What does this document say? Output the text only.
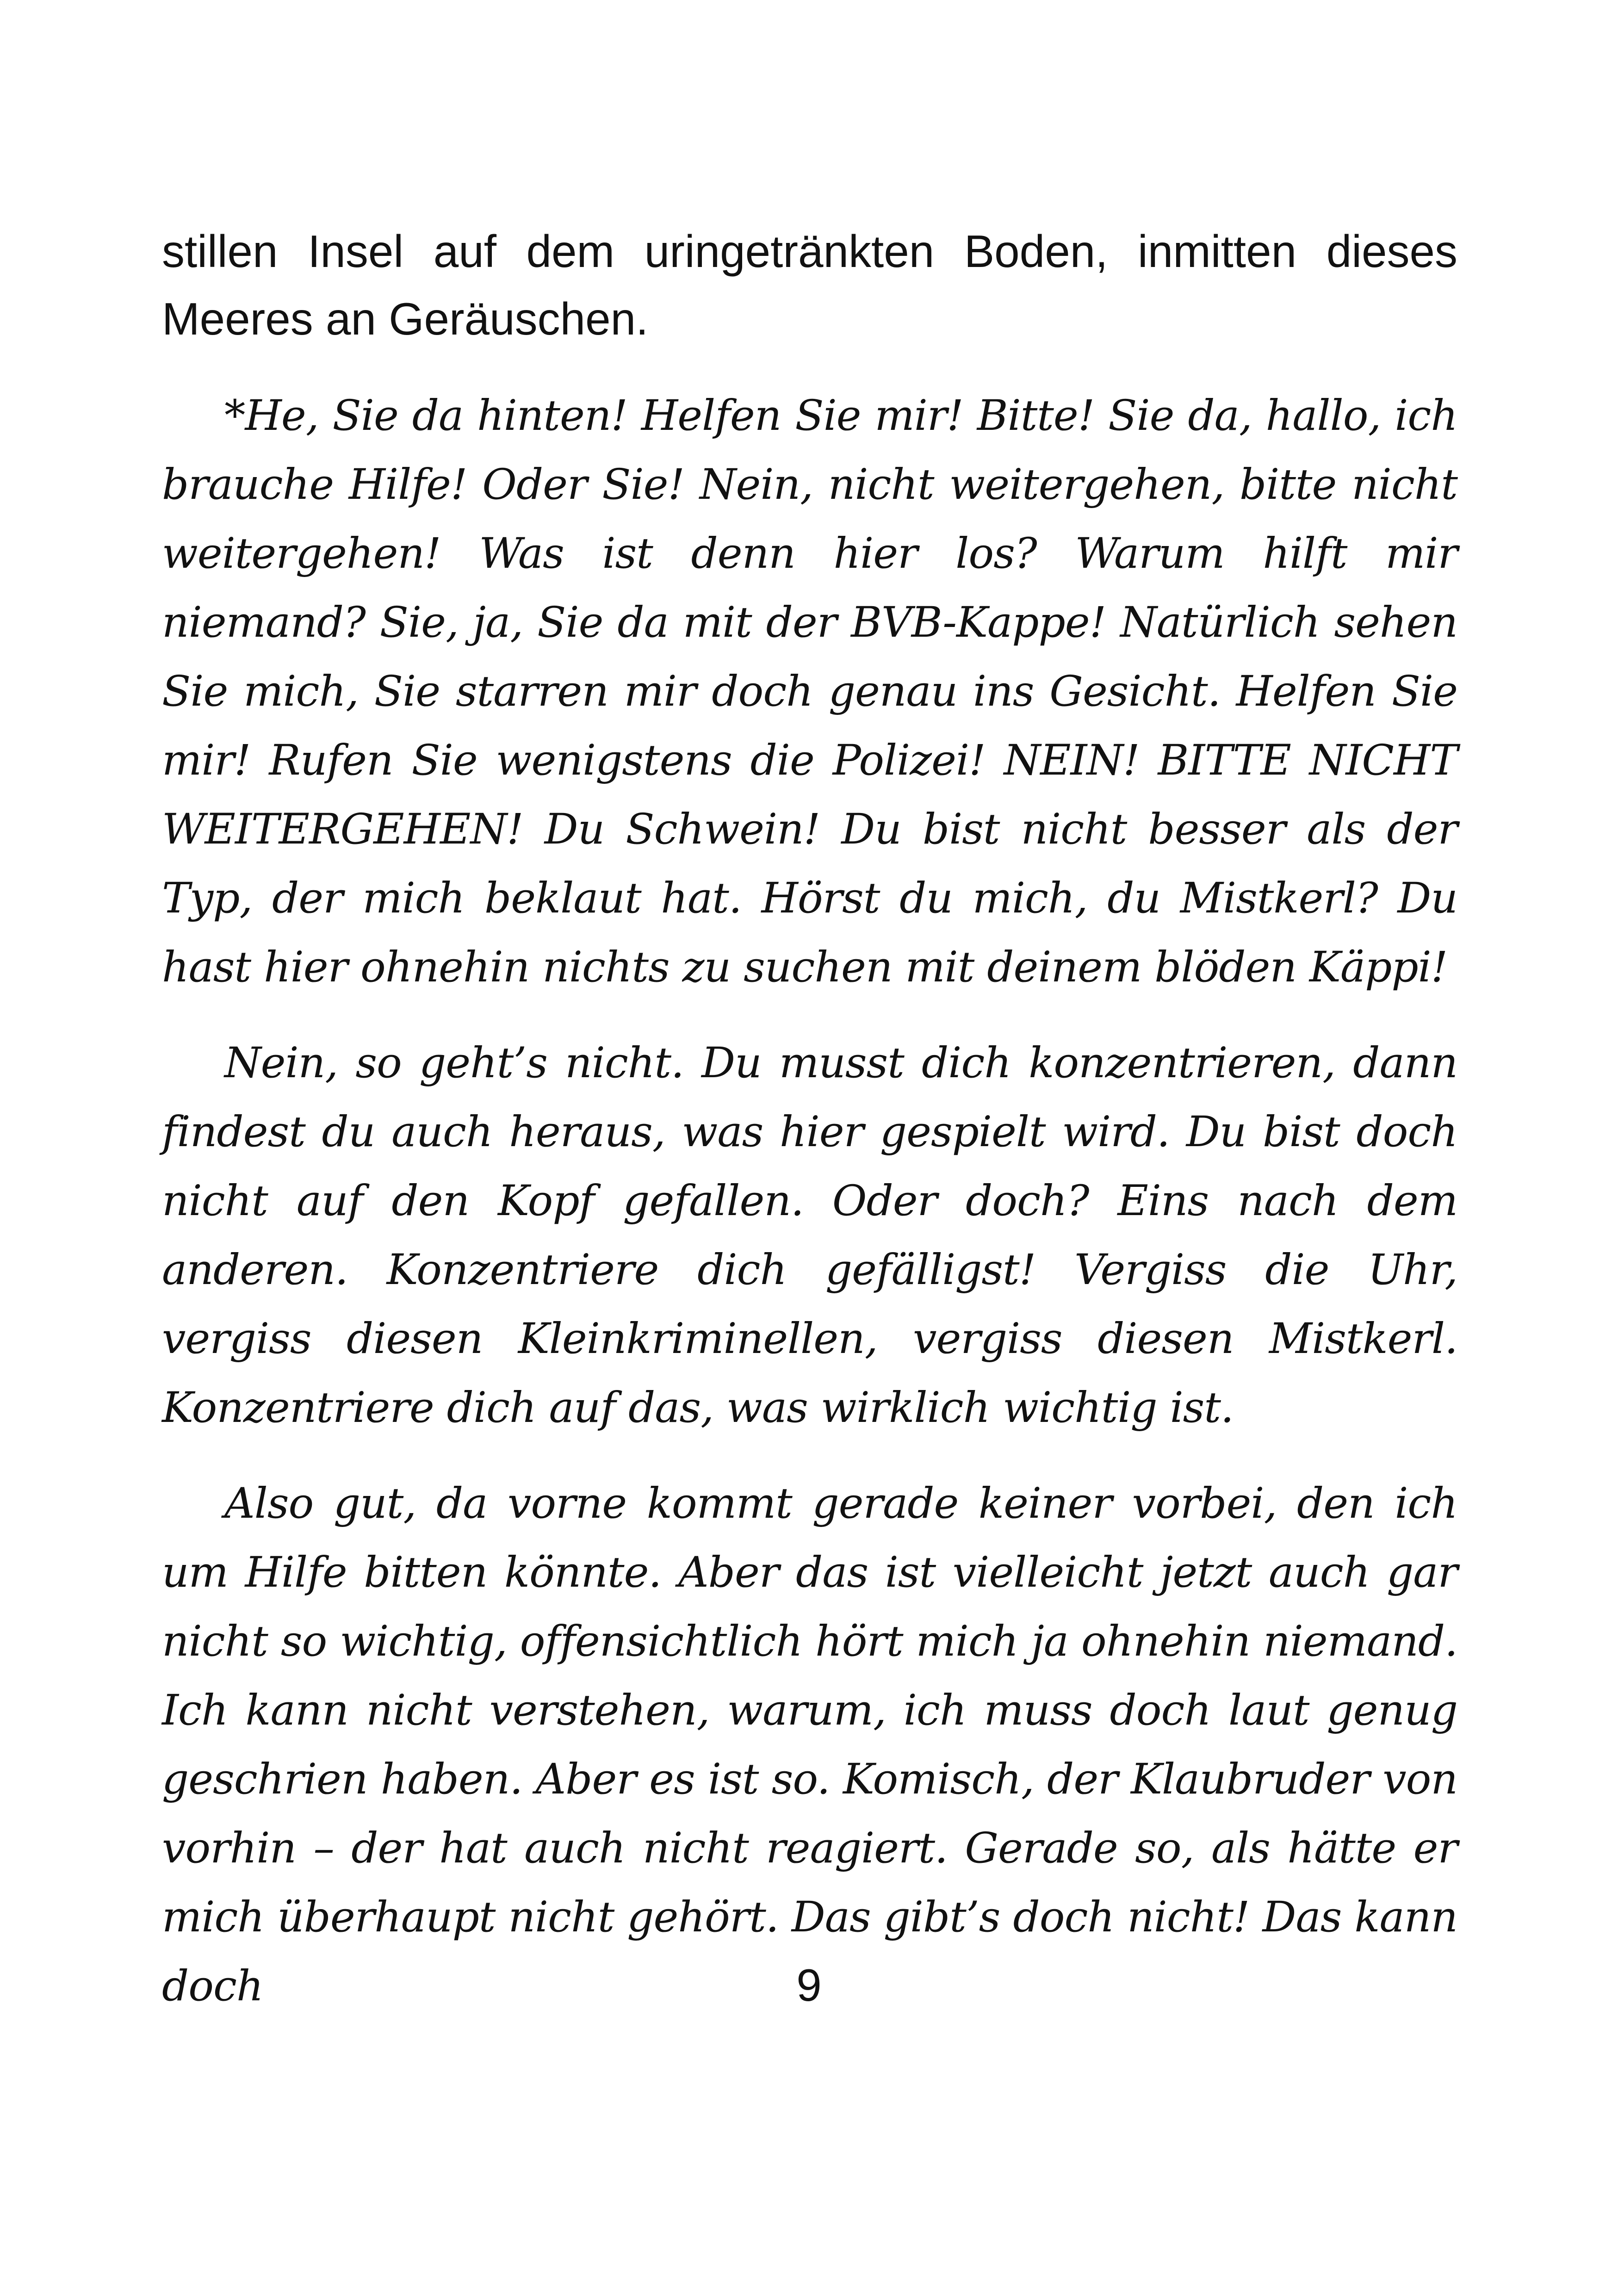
stillen Insel auf dem uringetränkten Boden, inmitten dieses Meeres an Geräuschen.

*He, Sie da hinten! Helfen Sie mir! Bitte! Sie da, hallo, ich brauche Hilfe! Oder Sie! Nein, nicht weitergehen, bitte nicht weitergehen! Was ist denn hier los? Warum hilft mir niemand? Sie, ja, Sie da mit der BVB-Kappe! Natürlich sehen Sie mich, Sie starren mir doch genau ins Gesicht. Helfen Sie mir! Rufen Sie wenigstens die Polizei! NEIN! BITTE NICHT WEITERGEHEN! Du Schwein! Du bist nicht besser als der Typ, der mich beklaut hat. Hörst du mich, du Mistkerl? Du hast hier ohnehin nichts zu suchen mit deinem blöden Käppi!

Nein, so geht’s nicht. Du musst dich konzentrieren, dann findest du auch heraus, was hier gespielt wird. Du bist doch nicht auf den Kopf gefallen. Oder doch? Eins nach dem anderen. Konzentriere dich gefälligst! Vergiss die Uhr, vergiss diesen Kleinkriminellen, vergiss diesen Mistkerl. Konzentriere dich auf das, was wirklich wichtig ist.

Also gut, da vorne kommt gerade keiner vorbei, den ich um Hilfe bitten könnte. Aber das ist vielleicht jetzt auch gar nicht so wichtig, offensichtlich hört mich ja ohnehin niemand. Ich kann nicht verstehen, warum, ich muss doch laut genug geschrien haben. Aber es ist so. Komisch, der Klaubruder von vorhin – der hat auch nicht reagiert. Gerade so, als hätte er mich überhaupt nicht gehört. Das gibt’s doch nicht! Das kann doch	9
